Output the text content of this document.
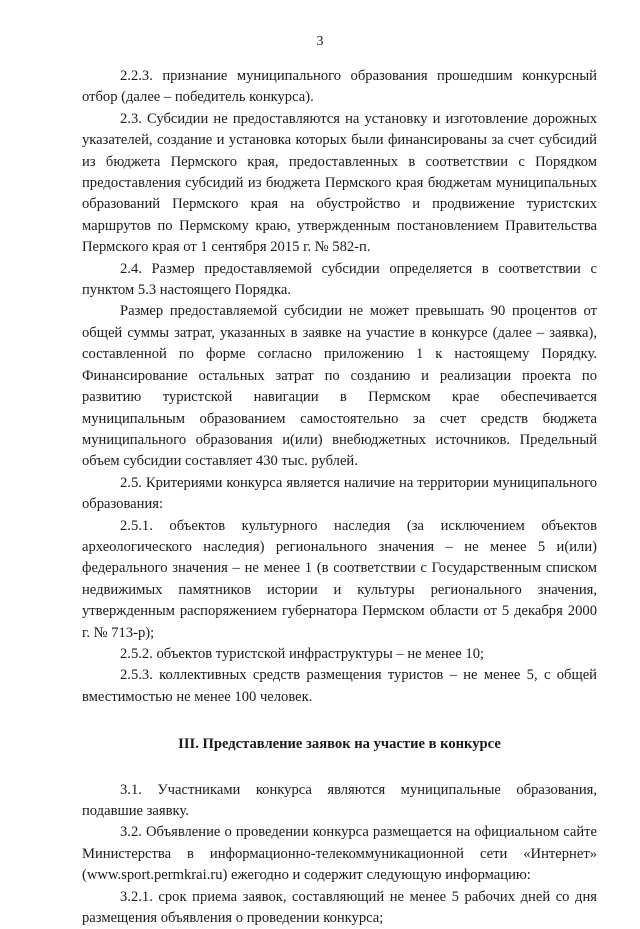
3

2.2.3. признание муниципального образования прошедшим конкурсный отбор (далее – победитель конкурса).

2.3. Субсидии не предоставляются на установку и изготовление дорожных указателей, создание и установка которых были финансированы за счет субсидий из бюджета Пермского края, предоставленных в соответствии с Порядком предоставления субсидий из бюджета Пермского края бюджетам муниципальных образований Пермского края на обустройство и продвижение туристских маршрутов по Пермскому краю, утвержденным постановлением Правительства Пермского края от 1 сентября 2015 г. № 582-п.

2.4. Размер предоставляемой субсидии определяется в соответствии с пунктом 5.3 настоящего Порядка.

Размер предоставляемой субсидии не может превышать 90 процентов от общей суммы затрат, указанных в заявке на участие в конкурсе (далее – заявка), составленной по форме согласно приложению 1 к настоящему Порядку. Финансирование остальных затрат по созданию и реализации проекта по развитию туристской навигации в Пермском крае обеспечивается муниципальным образованием самостоятельно за счет средств бюджета муниципального образования и(или) внебюджетных источников. Предельный объем субсидии составляет 430 тыс. рублей.

2.5. Критериями конкурса является наличие на территории муниципального образования:

2.5.1. объектов культурного наследия (за исключением объектов археологического наследия) регионального значения – не менее 5 и(или) федерального значения – не менее 1 (в соответствии с Государственным списком недвижимых памятников истории и культуры регионального значения, утвержденным распоряжением губернатора Пермском области от 5 декабря 2000 г. № 713-р);

2.5.2. объектов туристской инфраструктуры – не менее 10;

2.5.3. коллективных средств размещения туристов – не менее 5, с общей вместимостью не менее 100 человек.

III. Представление заявок на участие в конкурсе

3.1. Участниками конкурса являются муниципальные образования, подавшие заявку.

3.2. Объявление о проведении конкурса размещается на официальном сайте Министерства в информационно-телекоммуникационной сети «Интернет» (www.sport.permkrai.ru) ежегодно и содержит следующую информацию:

3.2.1. срок приема заявок, составляющий не менее 5 рабочих дней со дня размещения объявления о проведении конкурса;
